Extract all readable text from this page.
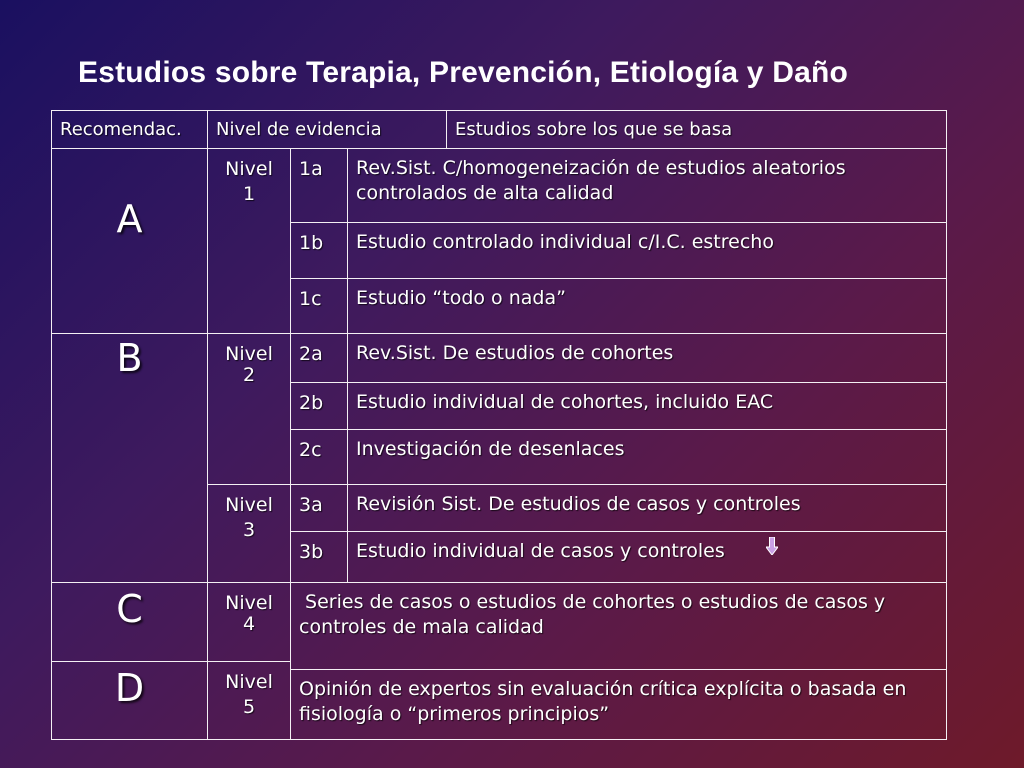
Estudios sobre Terapia, Prevención, Etiología y Daño
Recomendac.	Nivel de evidencia	Estudios sobre los que se basa
A
B
C
D
Nivel
1
Nivel
2
Nivel
3
Nivel
4
Nivel
5
1a
1b
1c
2a
2b
2c
3a
3b
Rev.Sist. C/homogeneización de estudios aleatorios controlados de alta calidad
Estudio controlado individual c/I.C. estrecho
Estudio “todo o nada”
Rev.Sist. De estudios de cohortes
Estudio individual de cohortes, incluido EAC
Investigación de desenlaces
Revisión Sist. De estudios de casos y controles
Estudio individual de casos y controles
Series de casos o estudios de cohortes o estudios de casos y controles de mala calidad
Opinión de expertos sin evaluación crítica explícita o basada en fisiología o “primeros principios”
